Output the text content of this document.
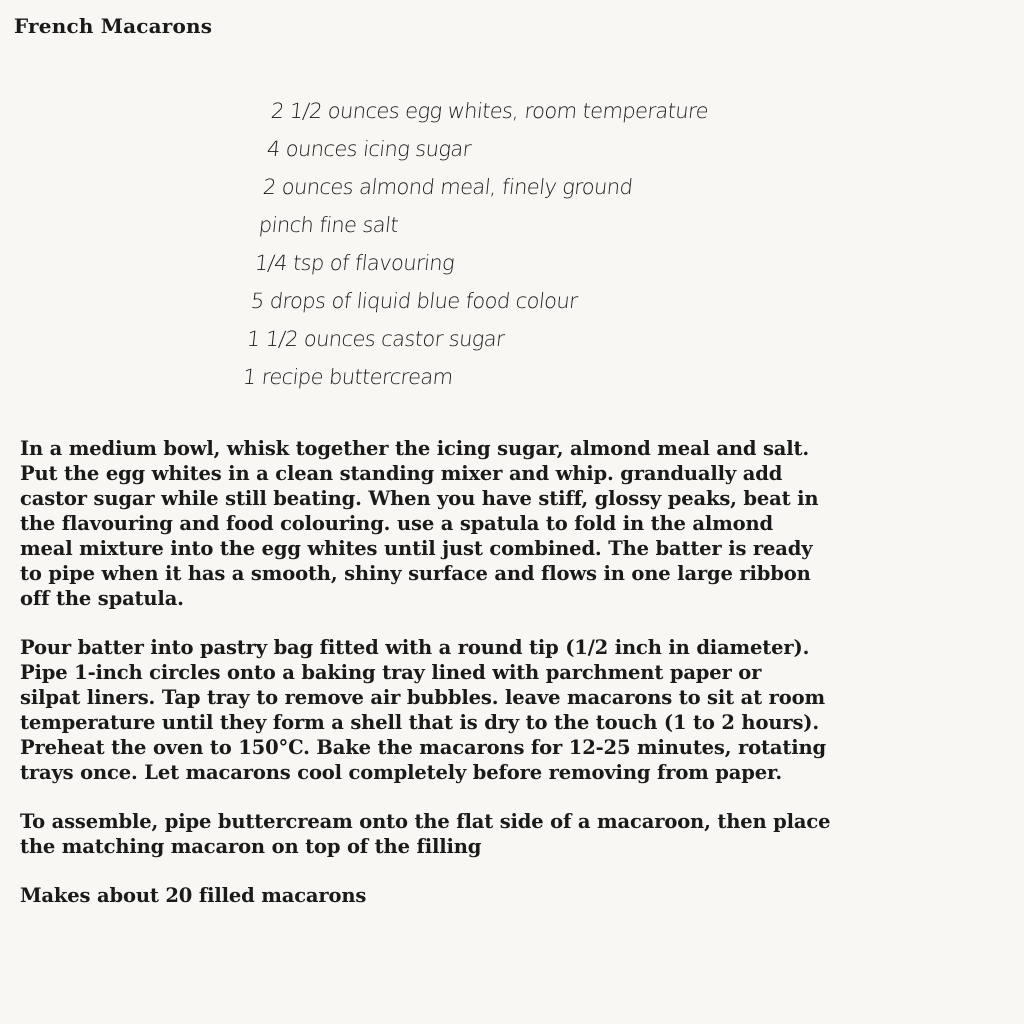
French Macarons
2 1/2 ounces egg whites, room temperature
4 ounces icing sugar
2 ounces almond meal, finely ground
pinch fine salt
1/4 tsp of flavouring
5 drops of liquid blue food colour
1 1/2 ounces castor sugar
1 recipe buttercream

In a medium bowl, whisk together the icing sugar, almond meal and salt.
Put the egg whites in a clean standing mixer and whip. grandually add
castor sugar while still beating. When you have stiff, glossy peaks, beat in
the flavouring and food colouring. use a spatula to fold in the almond
meal mixture into the egg whites until just combined. The batter is ready
to pipe when it has a smooth, shiny surface and flows in one large ribbon
off the spatula.

Pour batter into pastry bag fitted with a round tip (1/2 inch in diameter).
Pipe 1-inch circles onto a baking tray lined with parchment paper or
silpat liners. Tap tray to remove air bubbles. leave macarons to sit at room
temperature until they form a shell that is dry to the touch (1 to 2 hours).
Preheat the oven to 150°C. Bake the macarons for 12-25 minutes, rotating
trays once. Let macarons cool completely before removing from paper.

To assemble, pipe buttercream onto the flat side of a macaroon, then place
the matching macaron on top of the filling

Makes about 20 filled macarons
